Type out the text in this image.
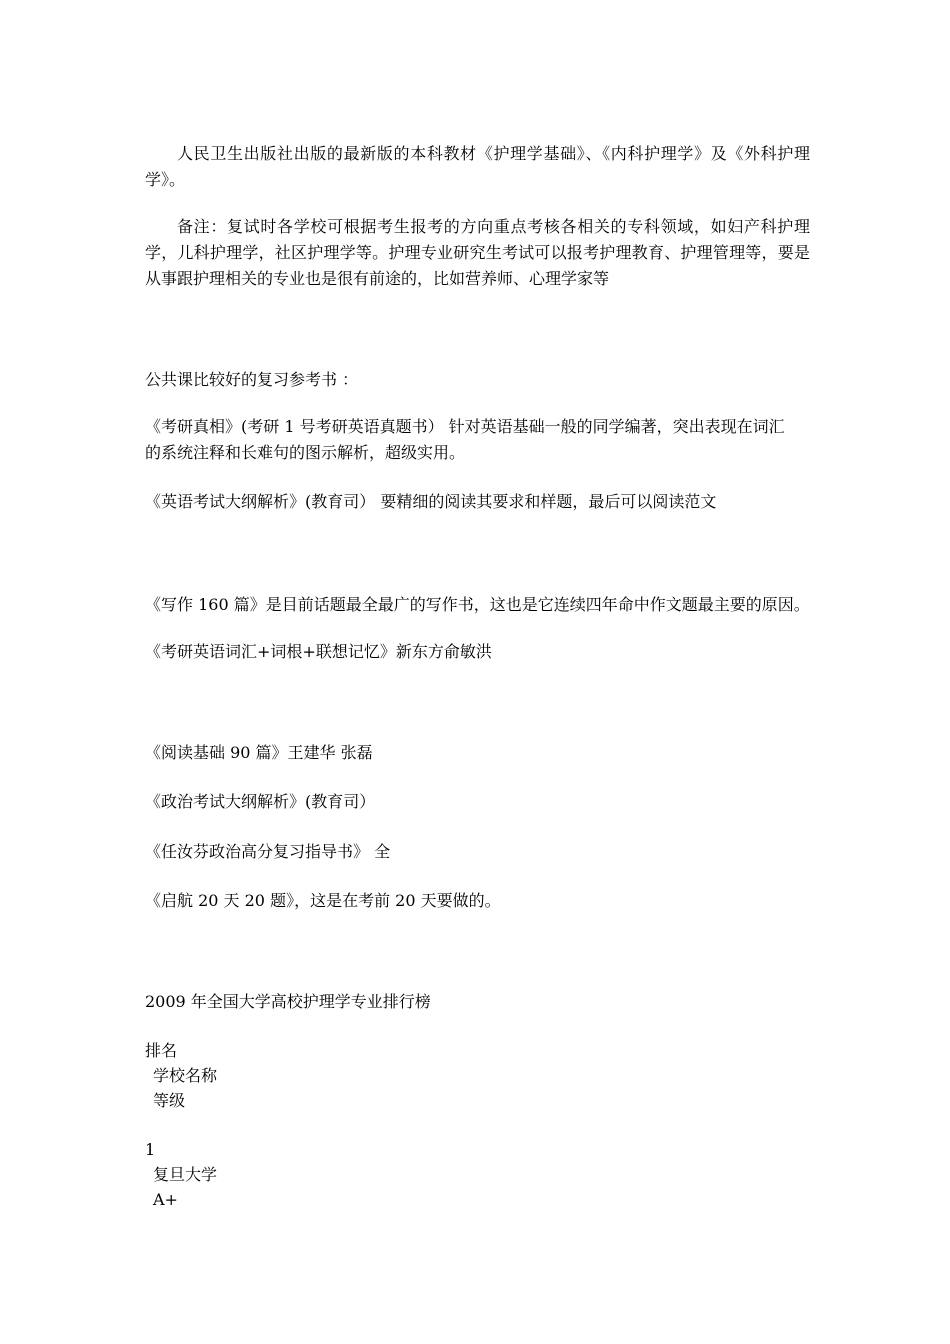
人民卫生出版社出版的最新版的本科教材《护理学基础》、《内科护理学》及《外科护理学》。
备注：复试时各学校可根据考生报考的方向重点考核各相关的专科领域，如妇产科护理学，儿科护理学，社区护理学等。护理专业研究生考试可以报考护理教育、护理管理等，要是从事跟护理相关的专业也是很有前途的，比如营养师、心理学家等
公共课比较好的复习参考书 ：
《考研真相》(考研 1 号考研英语真题书） 针对英语基础一般的同学编著，突出表现在词汇
的系统注释和长难句的图示解析，超级实用。
《英语考试大纲解析》(教育司） 要精细的阅读其要求和样题，最后可以阅读范文
《写作 160 篇》是目前话题最全最广的写作书，这也是它连续四年命中作文题最主要的原因。
《考研英语词汇+词根+联想记忆》新东方俞敏洪
《阅读基础 90 篇》王建华 张磊
《政治考试大纲解析》(教育司）
《任汝芬政治高分复习指导书》 全
《启航 20 天 20 题》，这是在考前 20 天要做的。
2009 年全国大学高校护理学专业排行榜
排名
学校名称
等级
1
复旦大学
A+
